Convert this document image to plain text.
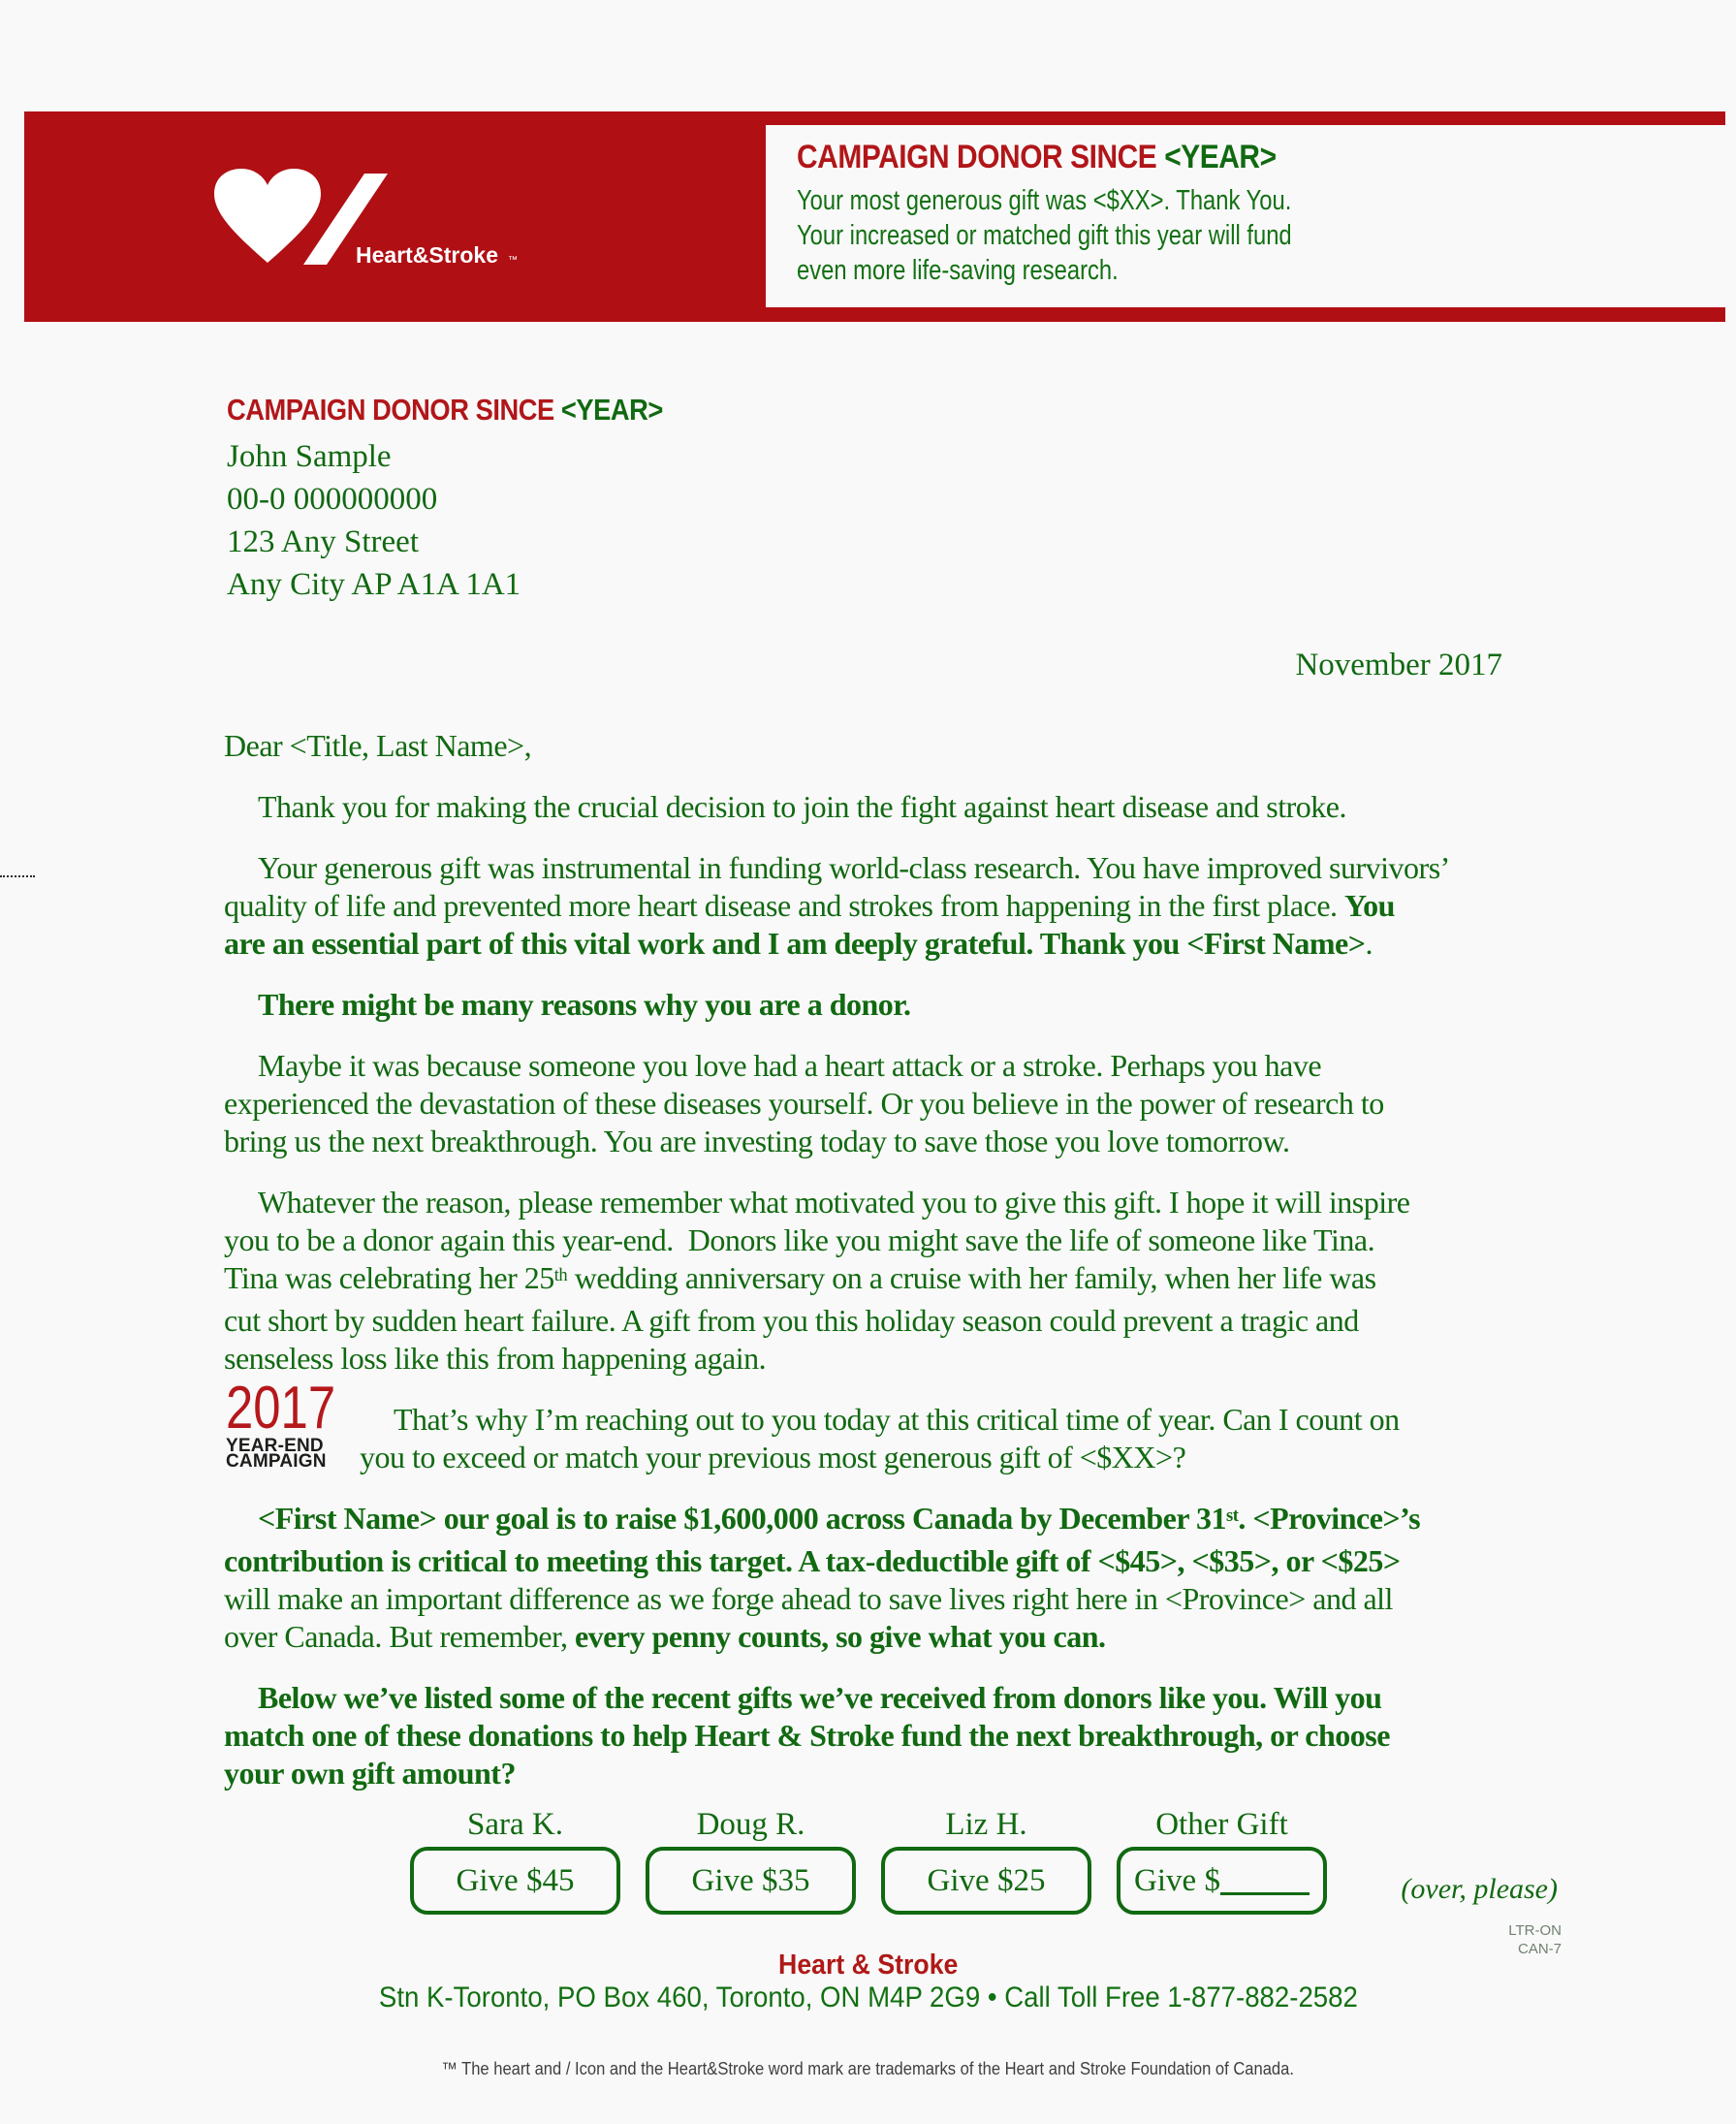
Heart&Stroke ™
CAMPAIGN DONOR SINCE <YEAR>
Your most generous gift was <$XX>. Thank You.
Your increased or matched gift this year will fund
even more life-saving research.
CAMPAIGN DONOR SINCE <YEAR>
John Sample
00-0 000000000
123 Any Street
Any City AP A1A 1A1
November 2017
Dear <Title, Last Name>,
Thank you for making the crucial decision to join the fight against heart disease and stroke.
Your generous gift was instrumental in funding world-class research. You have improved survivors’
quality of life and prevented more heart disease and strokes from happening in the first place. You
are an essential part of this vital work and I am deeply grateful. Thank you <First Name>.
There might be many reasons why you are a donor.
Maybe it was because someone you love had a heart attack or a stroke. Perhaps you have
experienced the devastation of these diseases yourself. Or you believe in the power of research to
bring us the next breakthrough. You are investing today to save those you love tomorrow.
Whatever the reason, please remember what motivated you to give this gift. I hope it will inspire
you to be a donor again this year-end.  Donors like you might save the life of someone like Tina.
Tina was celebrating her 25th wedding anniversary on a cruise with her family, when her life was
cut short by sudden heart failure. A gift from you this holiday season could prevent a tragic and
senseless loss like this from happening again.
That’s why I’m reaching out to you today at this critical time of year. Can I count on
you to exceed or match your previous most generous gift of <$XX>?
<First Name> our goal is to raise $1,600,000 across Canada by December 31st. <Province>’s
contribution is critical to meeting this target. A tax-deductible gift of <$45>, <$35>, or <$25>
will make an important difference as we forge ahead to save lives right here in <Province> and all
over Canada. But remember, every penny counts, so give what you can.
Below we’ve listed some of the recent gifts we’ve received from donors like you. Will you
match one of these donations to help Heart & Stroke fund the next breakthrough, or choose
your own gift amount?
2017
YEAR-END
CAMPAIGN
Sara K.
Give $45
Doug R.
Give $35
Liz H.
Give $25
Other Gift
Give $	(over, please)
LTR-ON
CAN-7
Heart & Stroke
Stn K-Toronto, PO Box 460, Toronto, ON M4P 2G9 • Call Toll Free 1-877-882-2582
™ The heart and / Icon and the Heart&Stroke word mark are trademarks of the Heart and Stroke Foundation of Canada.
